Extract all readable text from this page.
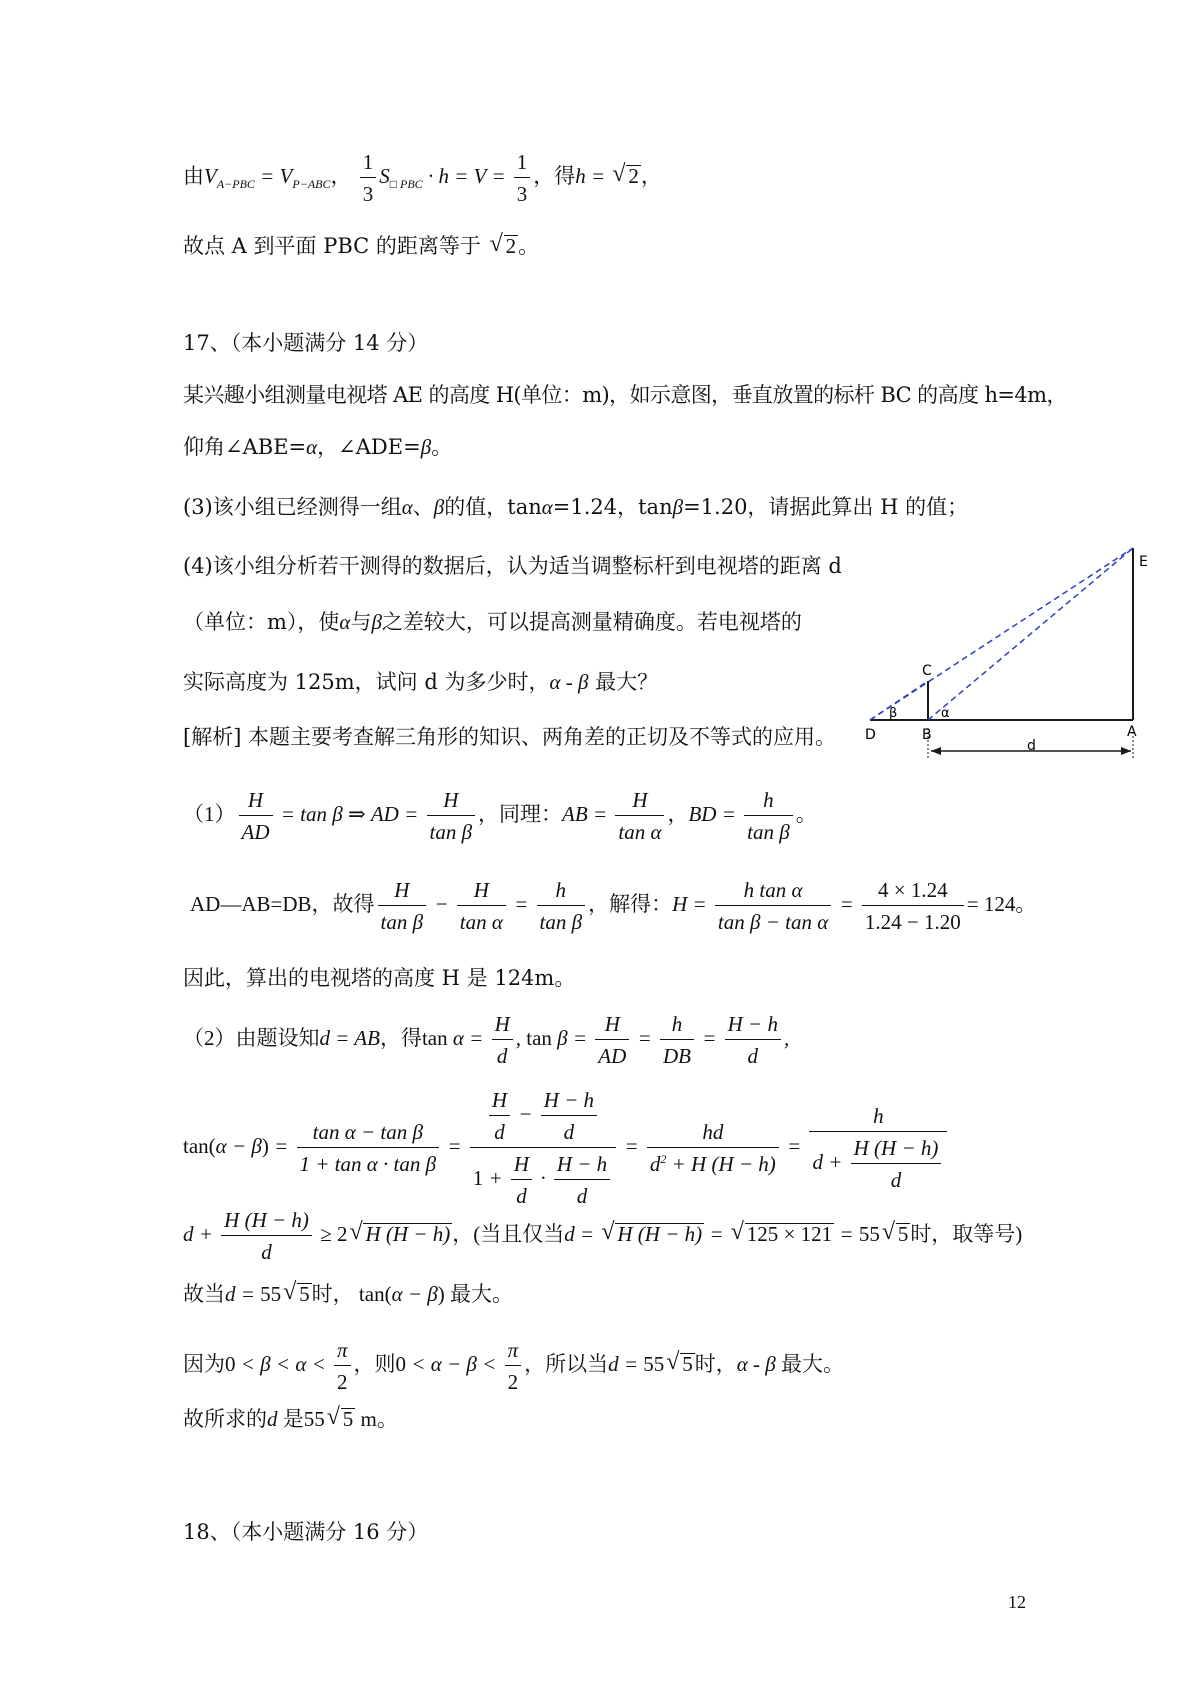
由$V_{A-PBC} = V_{P-ABC}$， $\frac{1}{3} S_{□ PBC} \cdot h = V = \frac{1}{3}$ ，得h = √ 2，
故点 A 到平面 PBC 的距离等于 √ 2。
17、（本小题满分 14 分）
某兴趣小组测量电视塔 AE 的高度 H(单位：m)，如示意图，垂直放置的标杆 BC 的高度 h=4m，
仰角∠ABE=α，∠ADE=β。
(3)该小组已经测得一组α、β的值，tanα=1.24，tanβ=1.20，请据此算出 H 的值；
(4)该小组分析若干测得的数据后，认为适当调整标杆到电视塔的距离 d
（单位：m），使α与β之差较大，可以提高测量精确度。若电视塔的
实际高度为 125m，试问 d 为多少时，α - β 最大？
[解析] 本题主要考查解三角形的知识、两角差的正切及不等式的应用。
E
C
D	B	A
d
β	α
$(1) \frac{H}{AD} = \tan \beta$ ⇒ AD = $\frac{H}{\text{tan β}}$ ，同理：AB = $\frac{H}{\text{tan α}}$ ，BD = $\frac{h}{\text{tan β}}$ 。
AD—AB=DB，故得 $\frac{H}{\text{tan β}} - \frac{H}{\text{tan α}} = \frac{h}{\text{tan β}}$ ，解得：$H = \frac{\text{h tan α}}{\text{tan β − tan α}} = \frac{4 \times 1.24}{1.24 - 1.20} = 124$。
因此，算出的电视塔的高度 H 是 124m。
（2）由题设知d = AB，得$\tan \alpha = \frac{H}{d}$ , $\tan \beta = \frac{H}{AD} = \frac{h}{DB} = \frac{H - h}{d}$ ,
$\tan(\alpha - \beta) = \frac{\text{tan α − tan β}}{\text{1 + tan α · tan β}} = \frac{\frac{H}{d} - \frac{H - h}{d}}{1 + \frac{H}{d} \cdot \frac{H - h}{d}} = \frac{hd}{d^2 + H (H - h)} = \frac{h}{d + \frac{H (H - h)}{d}}$
$d + \frac{H (H - h)}{d} \ge 2√$ H (H − h)，(当且仅当d = √ H (H − h) = √ 125 × 121 = 55√ 5时，取等号)
故当d = 55√ 5时， tan(α − β) 最大。
因为$0 < \beta < \alpha < \frac{\pi}{2}$ ，则$0 < \alpha - \beta < \frac{\pi}{2}$ ，所以当d = 55√ 5时，α - β 最大。
故所求的d 是55√ 5 m。
18、（本小题满分 16 分）
12
